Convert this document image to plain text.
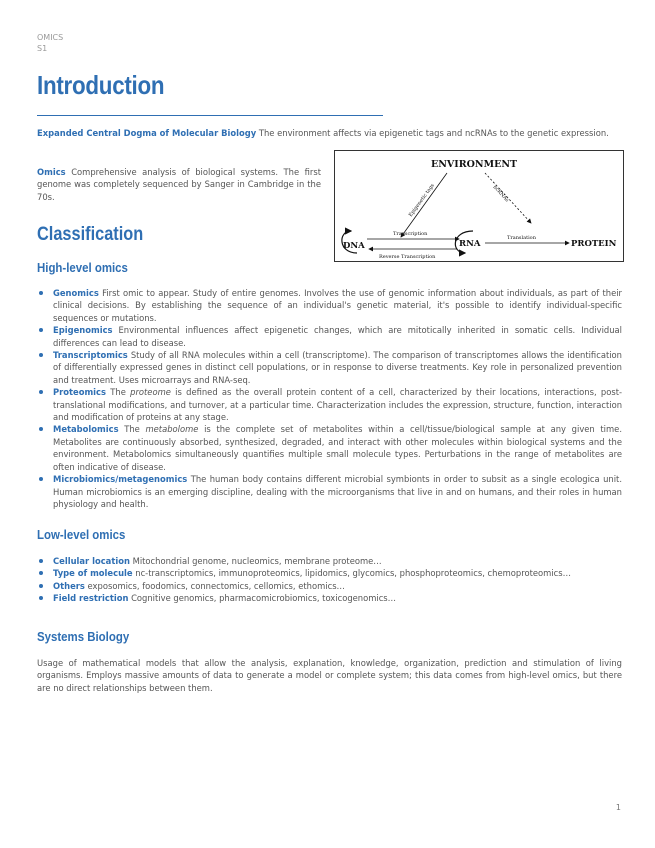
OMICS
S1
Introduction

Expanded Central Dogma of Molecular Biology The environment affects via epigenetic tags and ncRNAs to the genetic expression.

Omics Comprehensive analysis of biological systems. The first genome was completely sequenced by Sanger in Cambridge in the 70s.

ENVIRONMENT
Epigenetic tags	ncRNAs
DNA
Transcription
Reverse Transcription
RNA
Translation
PROTEIN
Classification
High-level omics
Genomics First omic to appear. Study of entire genomes. Involves the use of genomic information about individuals, as part of their clinical decisions. By establishing the sequence of an individual's genetic material, it's possible to identify individual-specific sequences or mutations.
Epigenomics Environmental influences affect epigenetic changes, which are mitotically inherited in somatic cells. Individual differences can lead to disease.
Transcriptomics Study of all RNA molecules within a cell (transcriptome). The comparison of transcriptomes allows the identification of differentially expressed genes in distinct cell populations, or in response to diverse treatments. Key role in personalized prevention and treatment. Uses microarrays and RNA-seq.
Proteomics The proteome is defined as the overall protein content of a cell, characterized by their locations, interactions, post-translational modifications, and turnover, at a particular time. Characterization includes the expression, structure, function, interaction and modification of proteins at any stage.
Metabolomics The metabolome is the complete set of metabolites within a cell/tissue/biological sample at any given time. Metabolites are continuously absorbed, synthesized, degraded, and interact with other molecules within biological systems and the environment. Metabolomics simultaneously quantifies multiple small molecule types. Perturbations in the range of metabolites are often indicative of disease.
Microbiomics/metagenomics The human body contains different microbial symbionts in order to subsit as a single ecologica unit. Human microbiomics is an emerging discipline, dealing with the microorganisms that live in and on humans, and their roles in human physiology and health.
Low-level omics
Cellular location Mitochondrial genome, nucleomics, membrane proteome…
Type of molecule nc-transcriptomics, immunoproteomics, lipidomics, glycomics, phosphoproteomics, chemoproteomics…
Others exposomics, foodomics, connectomics, cellomics, ethomics…
Field restriction Cognitive genomics, pharmacomicrobiomics, toxicogenomics…
Systems Biology

Usage of mathematical models that allow the analysis, explanation, knowledge, organization, prediction and stimulation of living organisms. Employs massive amounts of data to generate a model or complete system; this data comes from high-level omics, but there are no direct relationships between them.

1
